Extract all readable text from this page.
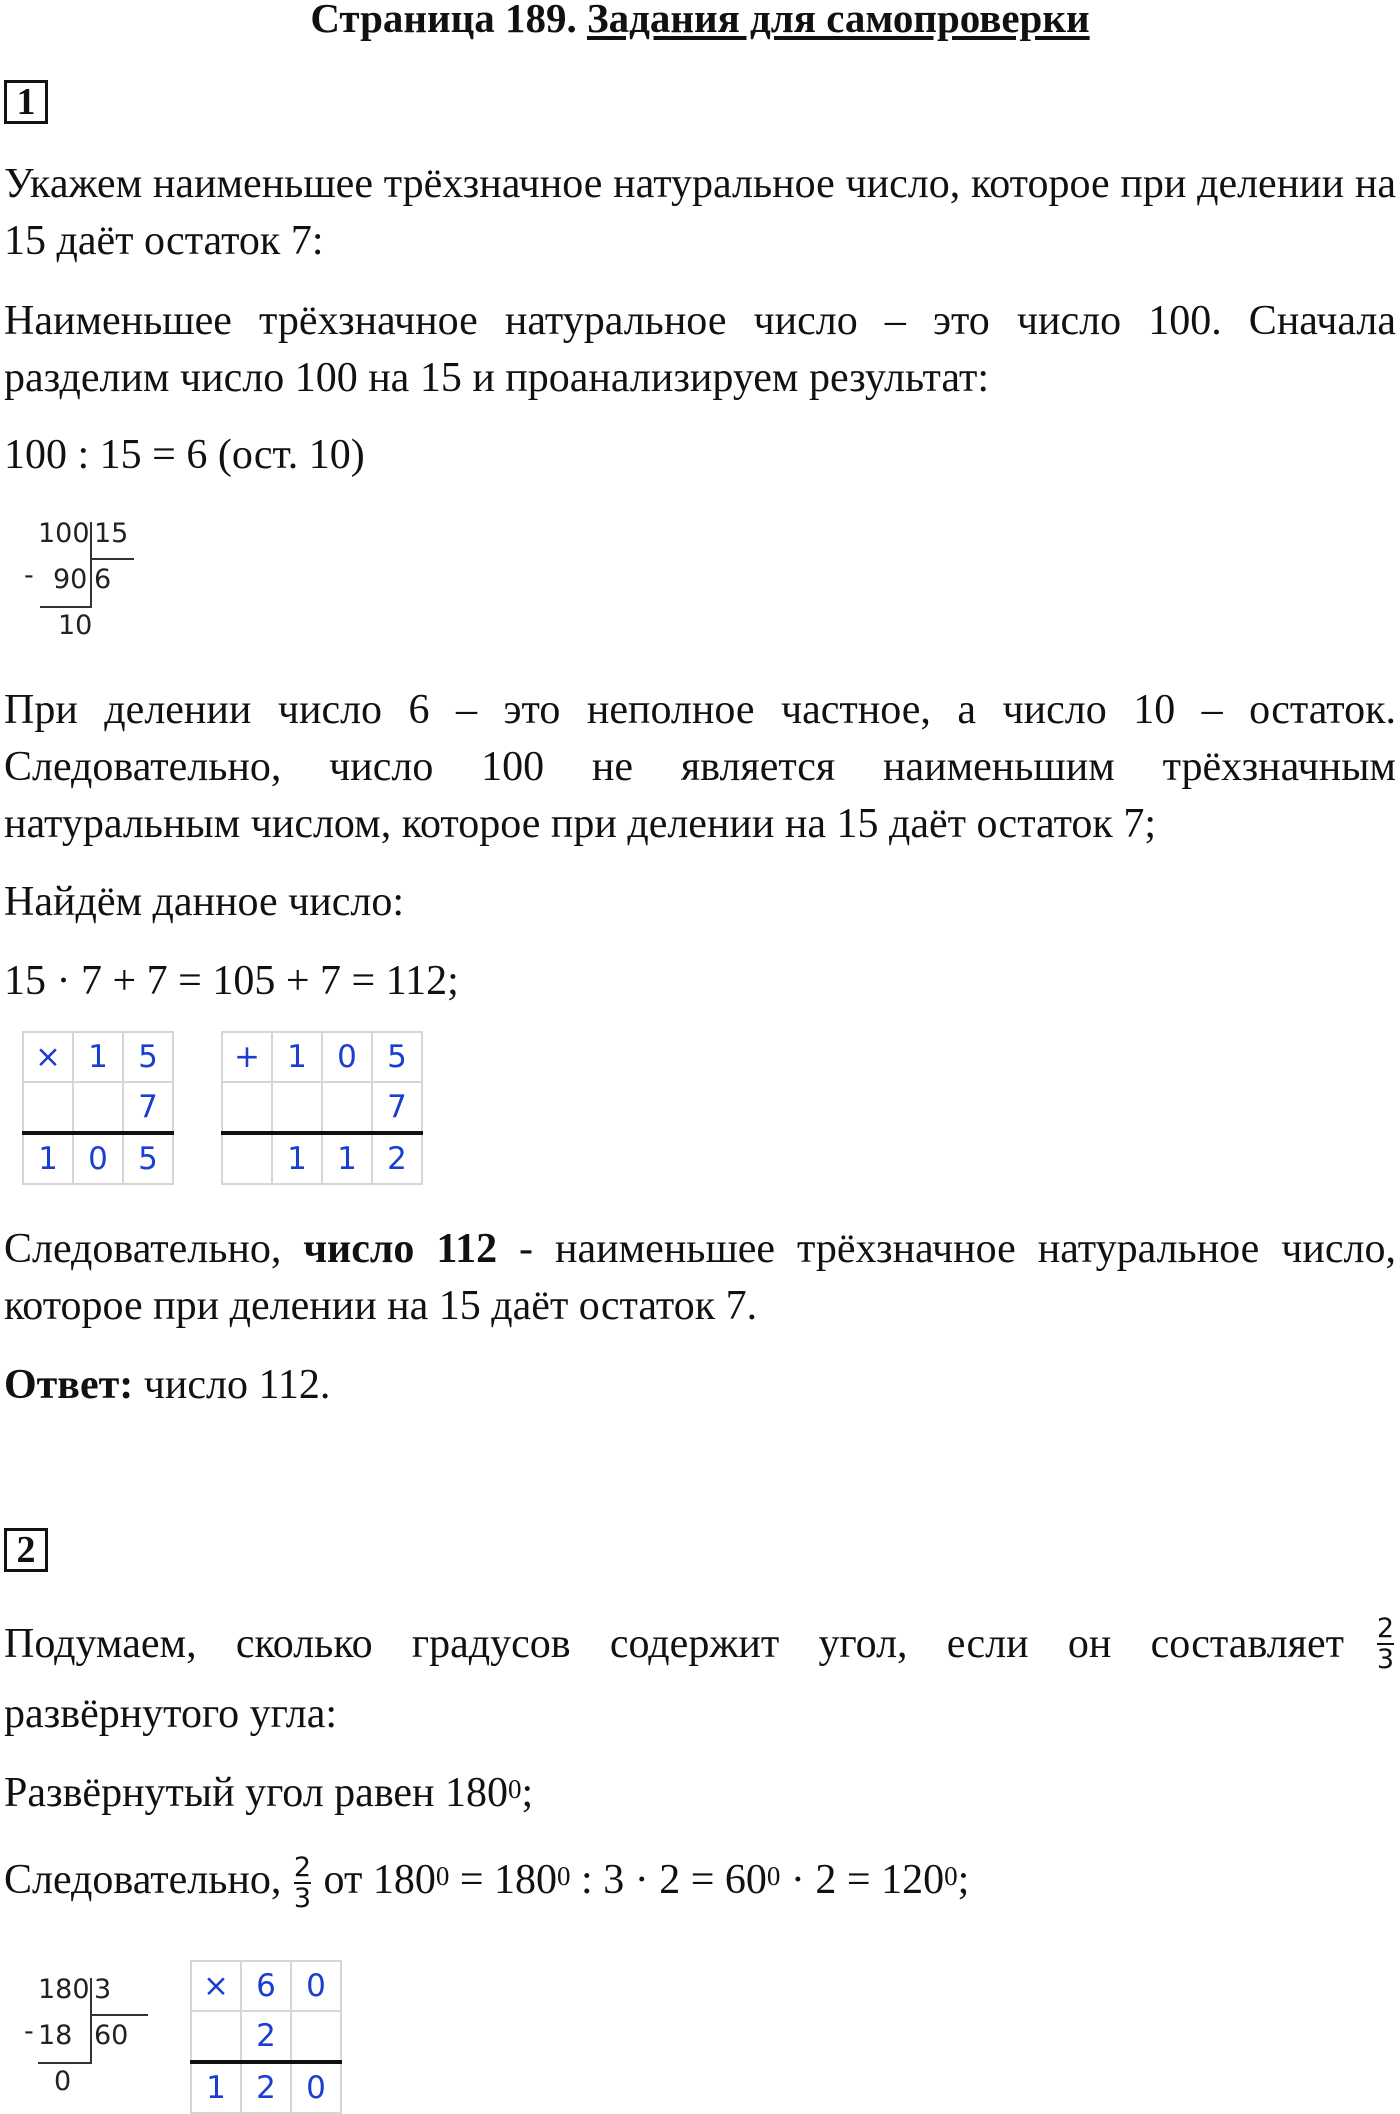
Страница 189. Задания для самопроверки
1

Укажем наименьшее трёхзначное натуральное число, которое при делении на 15 даёт остаток 7:

Наименьшее трёхзначное натуральное число – это число 100. Сначала разделим число 100 на 15 и проанализируем результат:

100 : 15 = 6 (ост. 10)

-
100 15
90 6
10

При делении число 6 – это неполное частное, а число 10 – остаток. Следовательно, число 100 не является наименьшим трёхзначным натуральным числом, которое при делении на 15 даёт остаток 7;

Найдём данное число:

15 · 7 + 7 = 105 + 7 = 112;

×	1	5
		7
1	0	5
+	1	0	5
			7
	1	1	2

Следовательно, число 112 - наименьшее трёхзначное натуральное число, которое при делении на 15 даёт остаток 7.

Ответ: число 112.

2
Подумаем, сколько градусов содержит угол, если он составляет $\frac{2}{3}$

развёрнутого угла:

Развёрнутый угол равен $180^0$;

Следовательно, $\frac{2}{3}$ от $180^0 = 180^0$ : $3 \cdot 2 = 60^0 \cdot 2 = 120^0$;

-
180 3
18 60
0
×	6	0
	2	
1	2	0
